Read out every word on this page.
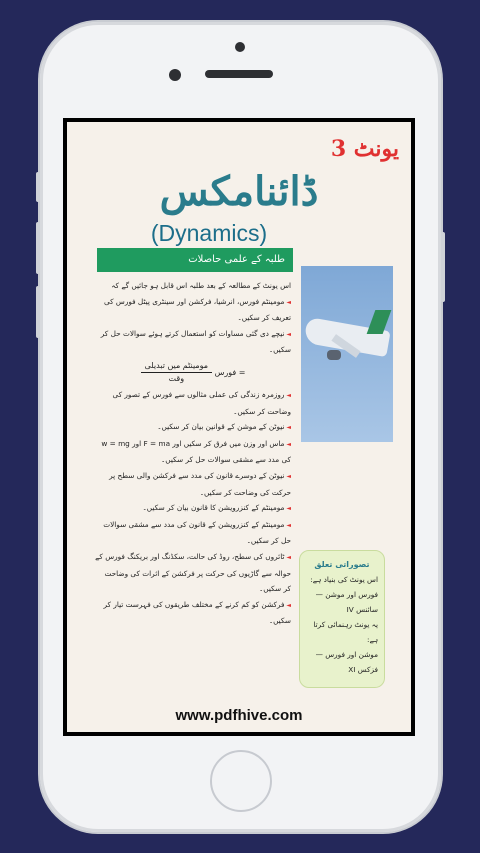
یونٹ 3
ڈائنامکس
(Dynamics)
طلبہ کے علمی حاصلات

اس یونٹ کے مطالعہ کے بعد طلبہ اس قابل ہو جائیں گے کہ

◄ مومینٹم فورس، انرشیا، فرکشن اور سینٹری پیٹل فورس کی تعریف کر سکیں۔

◄ نیچے دی گئی مساوات کو استعمال کرتے ہوئے سوالات حل کر سکیں۔

= فورس
$\frac{\text{مومینٹم میں تبدیلی}}{\text{وقت}}$

◄ روزمرہ زندگی کی عملی مثالوں سے فورس کے تصور کی وضاحت کر سکیں۔

◄ نیوٹن کے موشن کے قوانین بیان کر سکیں۔

◄ ماس اور وزن میں فرق کر سکیں اور F = ma اور w = mg کی مدد سے مشقی سوالات حل کر سکیں۔

◄ نیوٹن کے دوسرے قانون کی مدد سے فرکشن والی سطح پر حرکت کی وضاحت کر سکیں۔

◄ مومینٹم کے کنزرویشن کا قانون بیان کر سکیں۔

◄ مومینٹم کے کنزرویشن کے قانون کی مدد سے مشقی سوالات حل کر سکیں۔

◄ ٹائروں کی سطح، روڈ کی حالت، سکڈنگ اور بریکنگ فورس کے حوالہ سے گاڑیوں کی حرکت پر فرکشن کے اثرات کی وضاحت کر سکیں۔

◄ فرکشن کو کم کرنے کے مختلف طریقوں کی فہرست تیار کر سکیں۔

تصوراتی تعلق
اس یونٹ کی بنیاد ہے:
فورس اور موشن — سائنس IV
یہ یونٹ رہنمائی کرتا ہے:
موشن اور فورس — فزکس XI
www.pdfhive.com
